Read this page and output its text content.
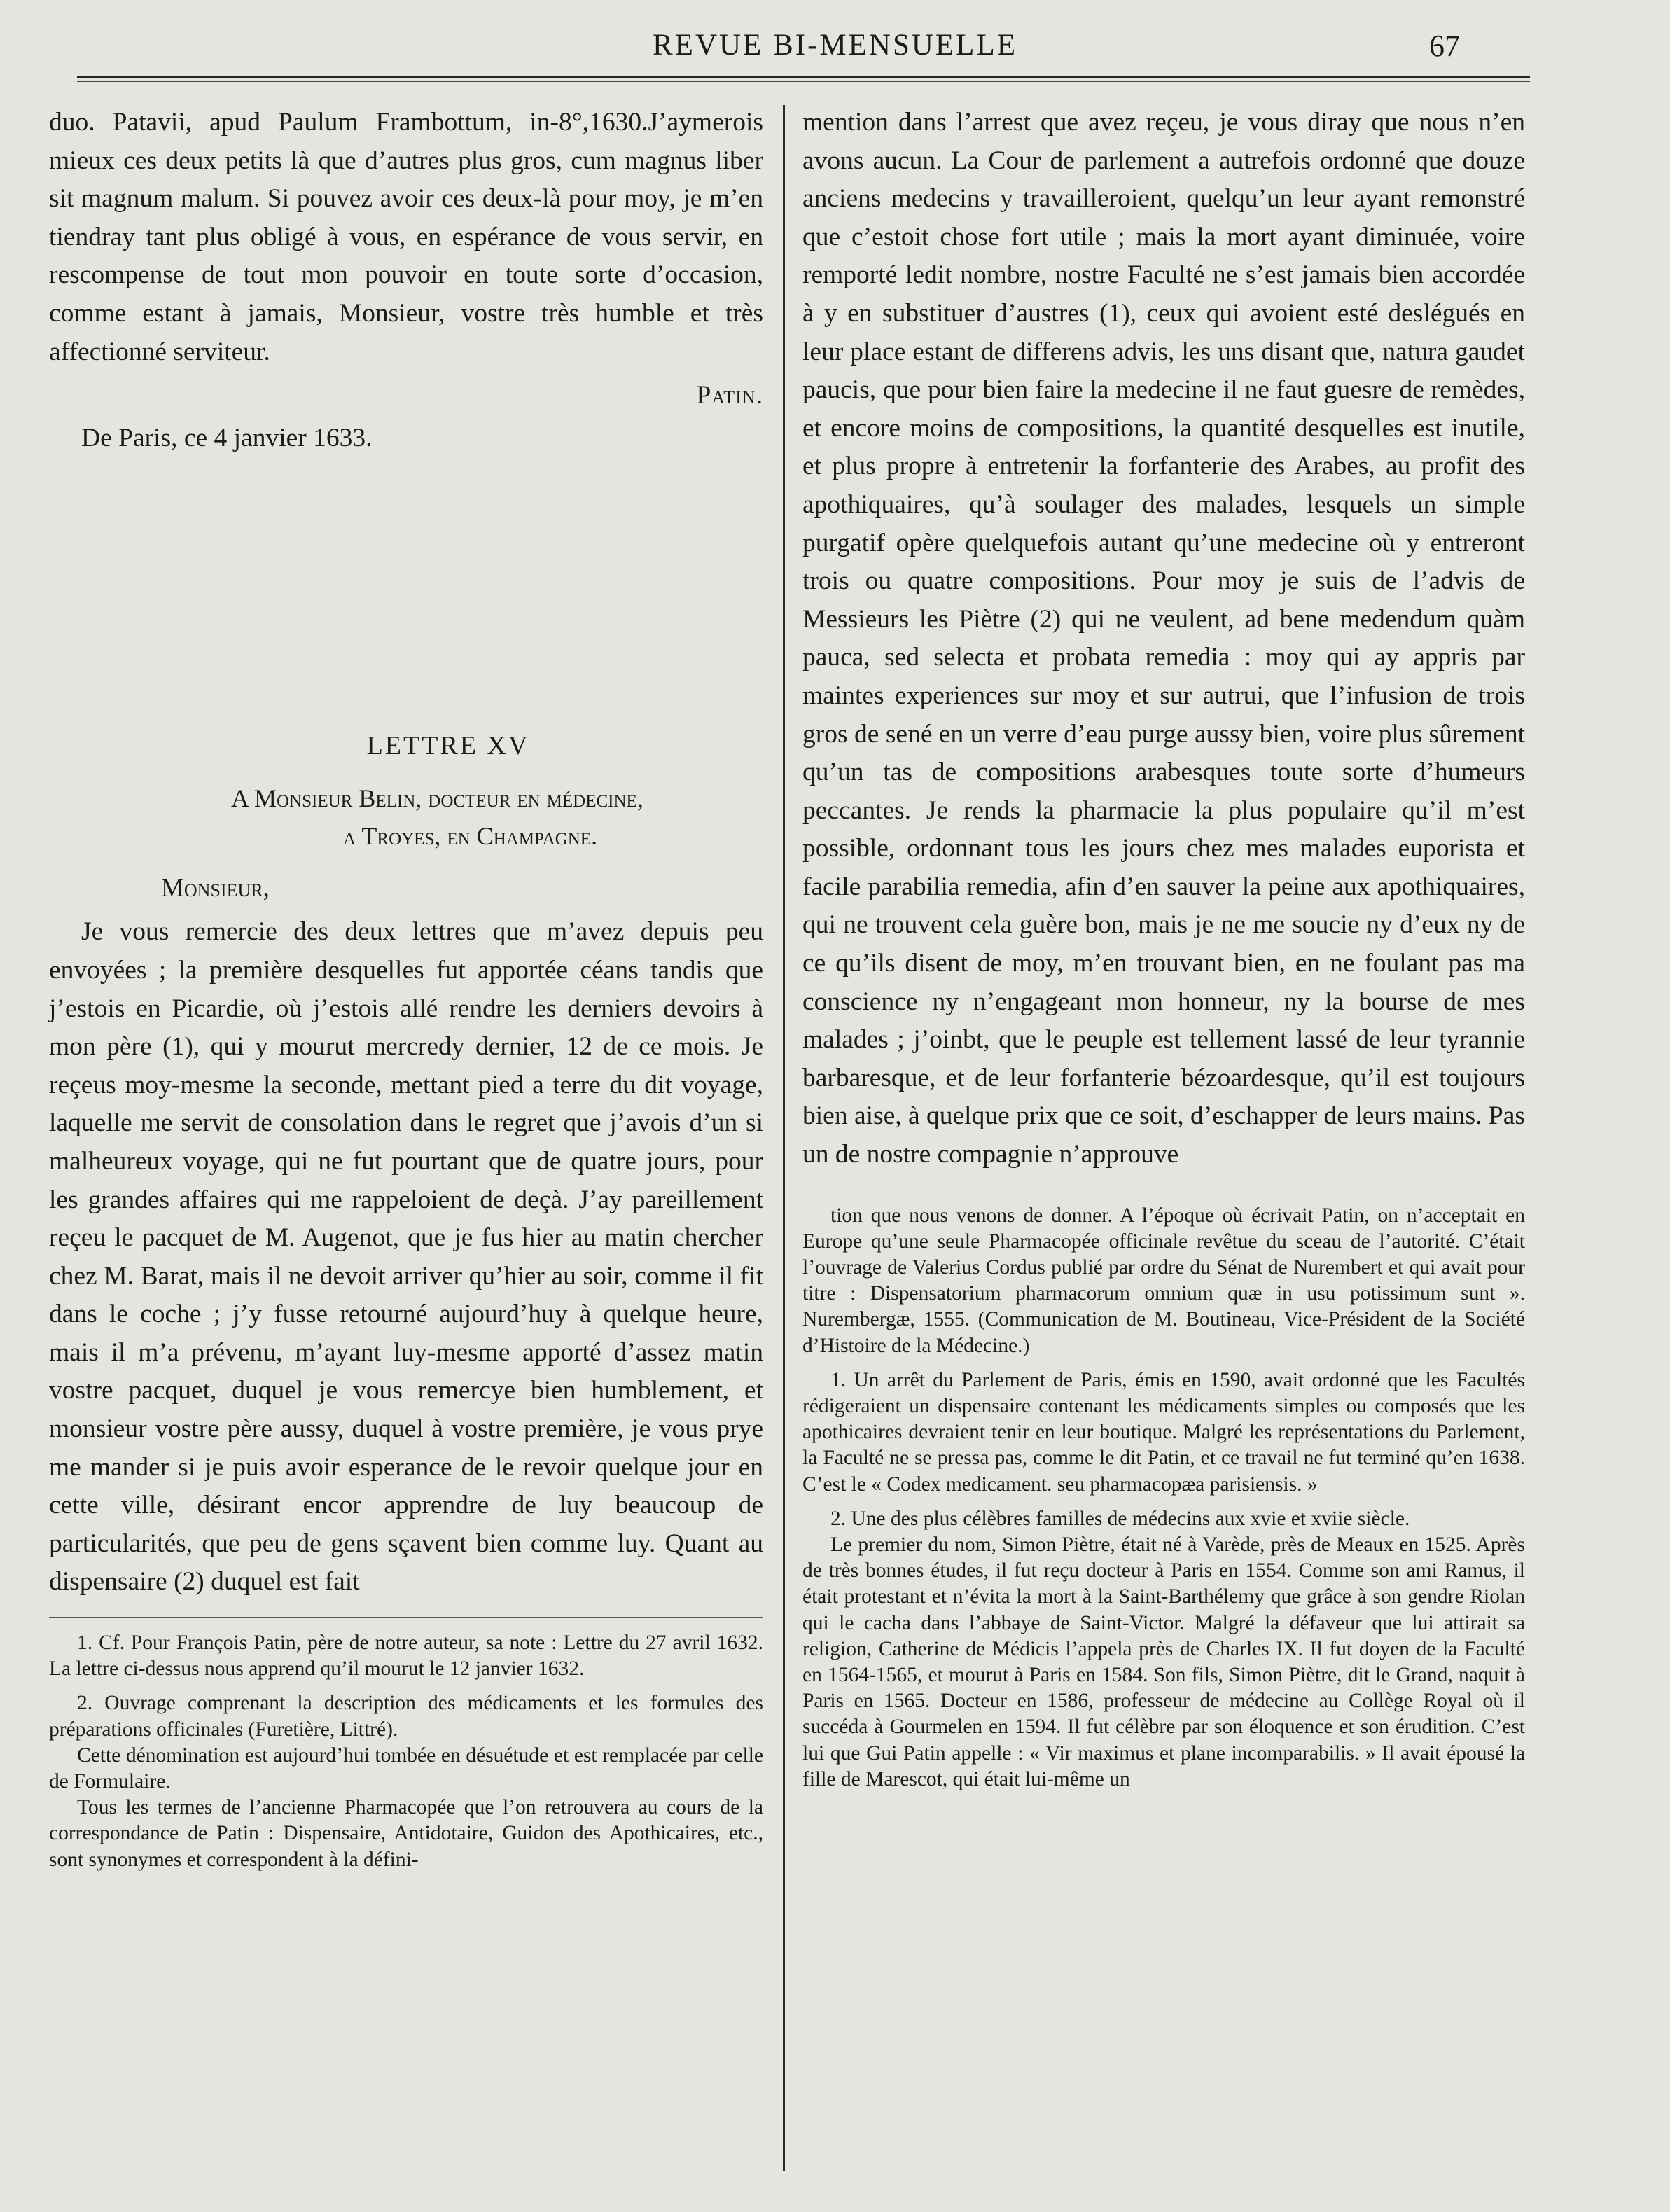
REVUE BI-MENSUELLE	67

duo. Patavii, apud Paulum Frambottum, in-8°,1630.J’aymerois mieux ces deux petits là que d’autres plus gros, cum magnus liber sit magnum malum. Si pouvez avoir ces deux-là pour moy, je m’en tiendray tant plus obligé à vous, en espérance de vous servir, en rescompense de tout mon pouvoir en toute sorte d’occasion, comme estant à jamais, Monsieur, vostre très humble et très affectionné serviteur.

Patin.

De Paris, ce 4 janvier 1633.

LETTRE XV
A Monsieur Belin, docteur en médecine,
a Troyes, en Champagne.
Monsieur,

Je vous remercie des deux lettres que m’avez depuis peu envoyées ; la première desquelles fut apportée céans tandis que j’estois en Picardie, où j’estois allé rendre les derniers devoirs à mon père (1), qui y mourut mercredy dernier, 12 de ce mois. Je reçeus moy-mesme la seconde, mettant pied a terre du dit voyage, laquelle me servit de consolation dans le regret que j’avois d’un si malheureux voyage, qui ne fut pourtant que de quatre jours, pour les grandes affaires qui me rappeloient de deçà. J’ay pareillement reçeu le pacquet de M. Augenot, que je fus hier au matin chercher chez M. Barat, mais il ne devoit arriver qu’hier au soir, comme il fit dans le coche ; j’y fusse retourné aujourd’huy à quelque heure, mais il m’a prévenu, m’ayant luy-mesme apporté d’assez matin vostre pacquet, duquel je vous remercye bien humblement, et monsieur vostre père aussy, duquel à vostre première, je vous prye me mander si je puis avoir esperance de le revoir quelque jour en cette ville, désirant encor apprendre de luy beaucoup de particularités, que peu de gens sçavent bien comme luy. Quant au dispensaire (2) duquel est fait

1. Cf. Pour François Patin, père de notre auteur, sa note : Lettre du 27 avril 1632. La lettre ci-dessus nous apprend qu’il mourut le 12 janvier 1632.

2. Ouvrage comprenant la description des médicaments et les formules des préparations officinales (Furetière, Littré).

Cette dénomination est aujourd’hui tombée en désuétude et est remplacée par celle de Formulaire.

Tous les termes de l’ancienne Pharmacopée que l’on retrouvera au cours de la correspondance de Patin : Dispensaire, Antidotaire, Guidon des Apothicaires, etc., sont synonymes et correspondent à la défini-

mention dans l’arrest que avez reçeu, je vous diray que nous n’en avons aucun. La Cour de parlement a autrefois ordonné que douze anciens medecins y travailleroient, quelqu’un leur ayant remonstré que c’estoit chose fort utile ; mais la mort ayant diminuée, voire remporté ledit nombre, nostre Faculté ne s’est jamais bien accordée à y en substituer d’austres (1), ceux qui avoient esté deslégués en leur place estant de differens advis, les uns disant que, natura gaudet paucis, que pour bien faire la medecine il ne faut guesre de remèdes, et encore moins de compositions, la quantité desquelles est inutile, et plus propre à entretenir la forfanterie des Arabes, au profit des apothiquaires, qu’à soulager des malades, lesquels un simple purgatif opère quelquefois autant qu’une medecine où y entreront trois ou quatre compositions. Pour moy je suis de l’advis de Messieurs les Piètre (2) qui ne veulent, ad bene medendum quàm pauca, sed selecta et probata remedia : moy qui ay appris par maintes experiences sur moy et sur autrui, que l’infusion de trois gros de sené en un verre d’eau purge aussy bien, voire plus sûrement qu’un tas de compositions arabesques toute sorte d’humeurs peccantes. Je rends la pharmacie la plus populaire qu’il m’est possible, ordonnant tous les jours chez mes malades euporista et facile parabilia remedia, afin d’en sauver la peine aux apothiquaires, qui ne trouvent cela guère bon, mais je ne me soucie ny d’eux ny de ce qu’ils disent de moy, m’en trouvant bien, en ne foulant pas ma conscience ny n’engageant mon honneur, ny la bourse de mes malades ; j’oinbt, que le peuple est tellement lassé de leur tyrannie barbaresque, et de leur forfanterie bézoardesque, qu’il est toujours bien aise, à quelque prix que ce soit, d’eschapper de leurs mains. Pas un de nostre compagnie n’approuve

tion que nous venons de donner. A l’époque où écrivait Patin, on n’acceptait en Europe qu’une seule Pharmacopée officinale revêtue du sceau de l’autorité. C’était l’ouvrage de Valerius Cordus publié par ordre du Sénat de Nurembert et qui avait pour titre : Dispensatorium pharmacorum omnium quæ in usu potissimum sunt ». Nurembergæ, 1555. (Communication de M. Boutineau, Vice-Président de la Société d’Histoire de la Médecine.)

1. Un arrêt du Parlement de Paris, émis en 1590, avait ordonné que les Facultés rédigeraient un dispensaire contenant les médicaments simples ou composés que les apothicaires devraient tenir en leur boutique. Malgré les représentations du Parlement, la Faculté ne se pressa pas, comme le dit Patin, et ce travail ne fut terminé qu’en 1638. C’est le « Codex medicament. seu pharmacopæa parisiensis. »

2. Une des plus célèbres familles de médecins aux xvie et xviie siècle.

Le premier du nom, Simon Piètre, était né à Varède, près de Meaux en 1525. Après de très bonnes études, il fut reçu docteur à Paris en 1554. Comme son ami Ramus, il était protestant et n’évita la mort à la Saint-Barthélemy que grâce à son gendre Riolan qui le cacha dans l’abbaye de Saint-Victor. Malgré la défaveur que lui attirait sa religion, Catherine de Médicis l’appela près de Charles IX. Il fut doyen de la Faculté en 1564-1565, et mourut à Paris en 1584. Son fils, Simon Piètre, dit le Grand, naquit à Paris en 1565. Docteur en 1586, professeur de médecine au Collège Royal où il succéda à Gourmelen en 1594. Il fut célèbre par son éloquence et son érudition. C’est lui que Gui Patin appelle : « Vir maximus et plane incomparabilis. » Il avait épousé la fille de Marescot, qui était lui-même un
